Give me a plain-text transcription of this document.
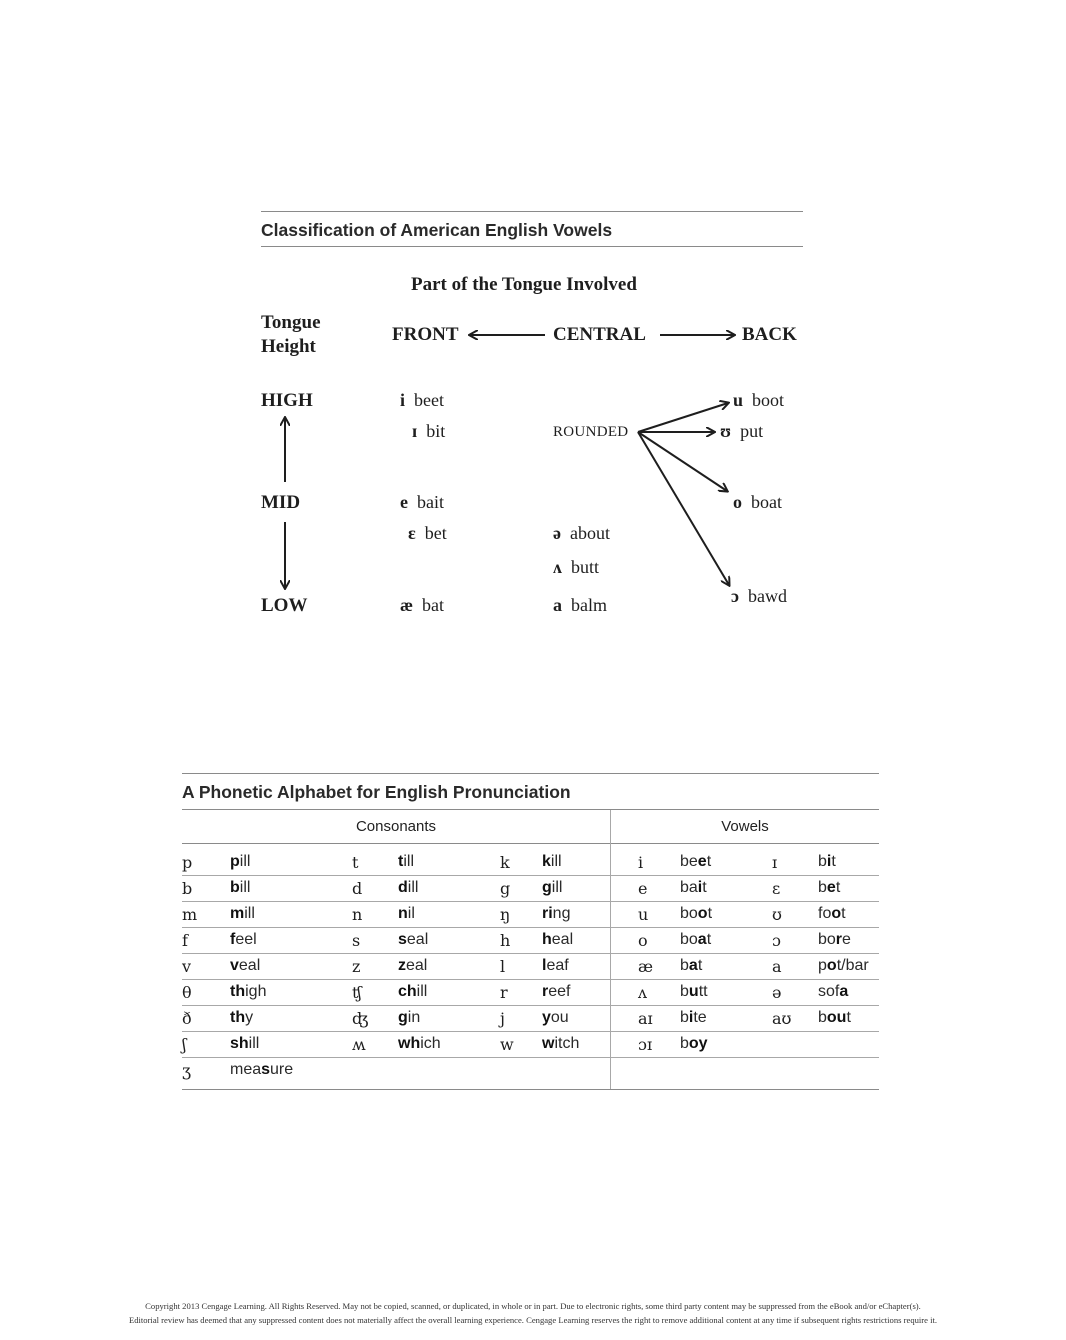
Classification of American English Vowels
Part of the Tongue Involved
Tongue
Height
FRONT	CENTRAL	BACK
HIGH
MID
LOW
i beet
ɪ bit
e bait
ɛ bet
æ bat
ə about
ʌ butt
a balm
u boot
ʊ put
o boat
ɔ bawd
ROUNDED
A Phonetic Alphabet for English Pronunciation
Consonants	Vowels
p pill	t till	k kill	i beet	ɪ	bit
b bill	d dill	g gill	e bait	ɛ bet
m mill	n nil	ŋ ring	u boot	ʊ foot
f	feel	s seal	h heal	o boat	ɔ bore
v veal	z zeal	l leaf	æ bat	a pot/bar
θ thigh	ʧ chill	r reef	ʌ butt	ə sofa
ð thy	ʤ gin	j you	aɪ bite	aʊ bout
ʃ	shill	ʍ which	w witch	ɔɪ boy
ʒ measure
Copyright 2013 Cengage Learning. All Rights Reserved. May not be copied, scanned, or duplicated, in whole or in part. Due to electronic rights, some third party content may be suppressed from the eBook and/or eChapter(s).
Editorial review has deemed that any suppressed content does not materially affect the overall learning experience. Cengage Learning reserves the right to remove additional content at any time if subsequent rights restrictions require it.
